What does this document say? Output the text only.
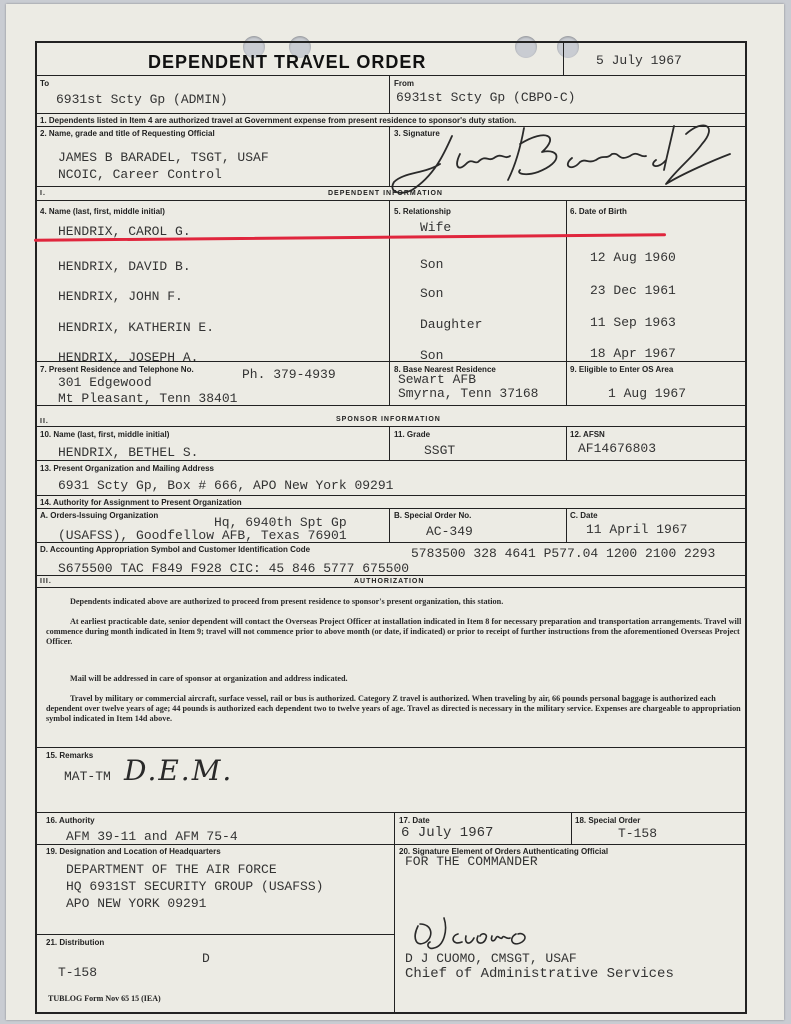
DEPENDENT TRAVEL ORDER	5 July 1967
To
6931st Scty Gp (ADMIN)
From
6931st Scty Gp (CBPO-C)
1. Dependents listed in Item 4 are authorized travel at Government expense from present residence to sponsor's duty station.
2. Name, grade and title of Requesting Official
JAMES B BARADEL, TSGT, USAF
NCOIC, Career Control
3. Signature
I.	DEPENDENT INFORMATION
4. Name (last, first, middle initial)	5. Relationship	6. Date of Birth
HENDRIX, CAROL G.	Wife
HENDRIX, DAVID B.	Son	12 Aug 1960
HENDRIX, JOHN F.	Son	23 Dec 1961
HENDRIX, KATHERIN E.	Daughter	11 Sep 1963
HENDRIX, JOSEPH A.	Son	18 Apr 1967
7. Present Residence and Telephone No.	Ph. 379-4939
301 Edgewood
Mt Pleasant, Tenn 38401
8. Base Nearest Residence
Sewart AFB
Smyrna, Tenn 37168
9. Eligible to Enter OS Area
1 Aug 1967
II.	SPONSOR INFORMATION
10. Name (last, first, middle initial)
HENDRIX, BETHEL S.
11. Grade
SSGT
12. AFSN
AF14676803
13. Present Organization and Mailing Address
6931 Scty Gp, Box # 666, APO New York 09291
14. Authority for Assignment to Present Organization
A. Orders-Issuing Organization	Hq, 6940th Spt Gp
(USAFSS), Goodfellow AFB, Texas 76901
B. Special Order No.
AC-349
C. Date
11 April 1967
D. Accounting Appropriation Symbol and Customer Identification Code	5783500 328 4641 P577.04 1200 2100 2293
S675500 TAC F849 F928 CIC: 45 846 5777 675500
III.	AUTHORIZATION
Dependents indicated above are authorized to proceed from present residence to sponsor's present organization, this station.
At earliest practicable date, senior dependent will contact the Overseas Project Officer at installation indicated in Item 8 for necessary preparation and transportation arrangements. Travel will commence during month indicated in Item 9; travel will not commence prior to above month (or date, if indicated) or prior to receipt of further instructions from the aforementioned Overseas Project Officer.
Mail will be addressed in care of sponsor at organization and address indicated.
Travel by military or commercial aircraft, surface vessel, rail or bus is authorized. Category Z travel is authorized. When traveling by air, 66 pounds personal baggage is authorized each dependent over twelve years of age; 44 pounds is authorized each dependent two to twelve years of age. Travel as directed is necessary in the military service. Expenses are chargeable to appropriation symbol indicated in Item 14d above.
15. Remarks
MAT-TM D.E.M.
16. Authority
AFM 39-11 and AFM 75-4
17. Date
6 July 1967
18. Special Order
T-158
19. Designation and Location of Headquarters
DEPARTMENT OF THE AIR FORCE
HQ 6931ST SECURITY GROUP (USAFSS)
APO NEW YORK 09291
20. Signature Element of Orders Authenticating Official
FOR THE COMMANDER
D J CUOMO, CMSGT, USAF
Chief of Administrative Services
21. Distribution
D
T-158
TUBLOG Form Nov 65 15 (IEA)
